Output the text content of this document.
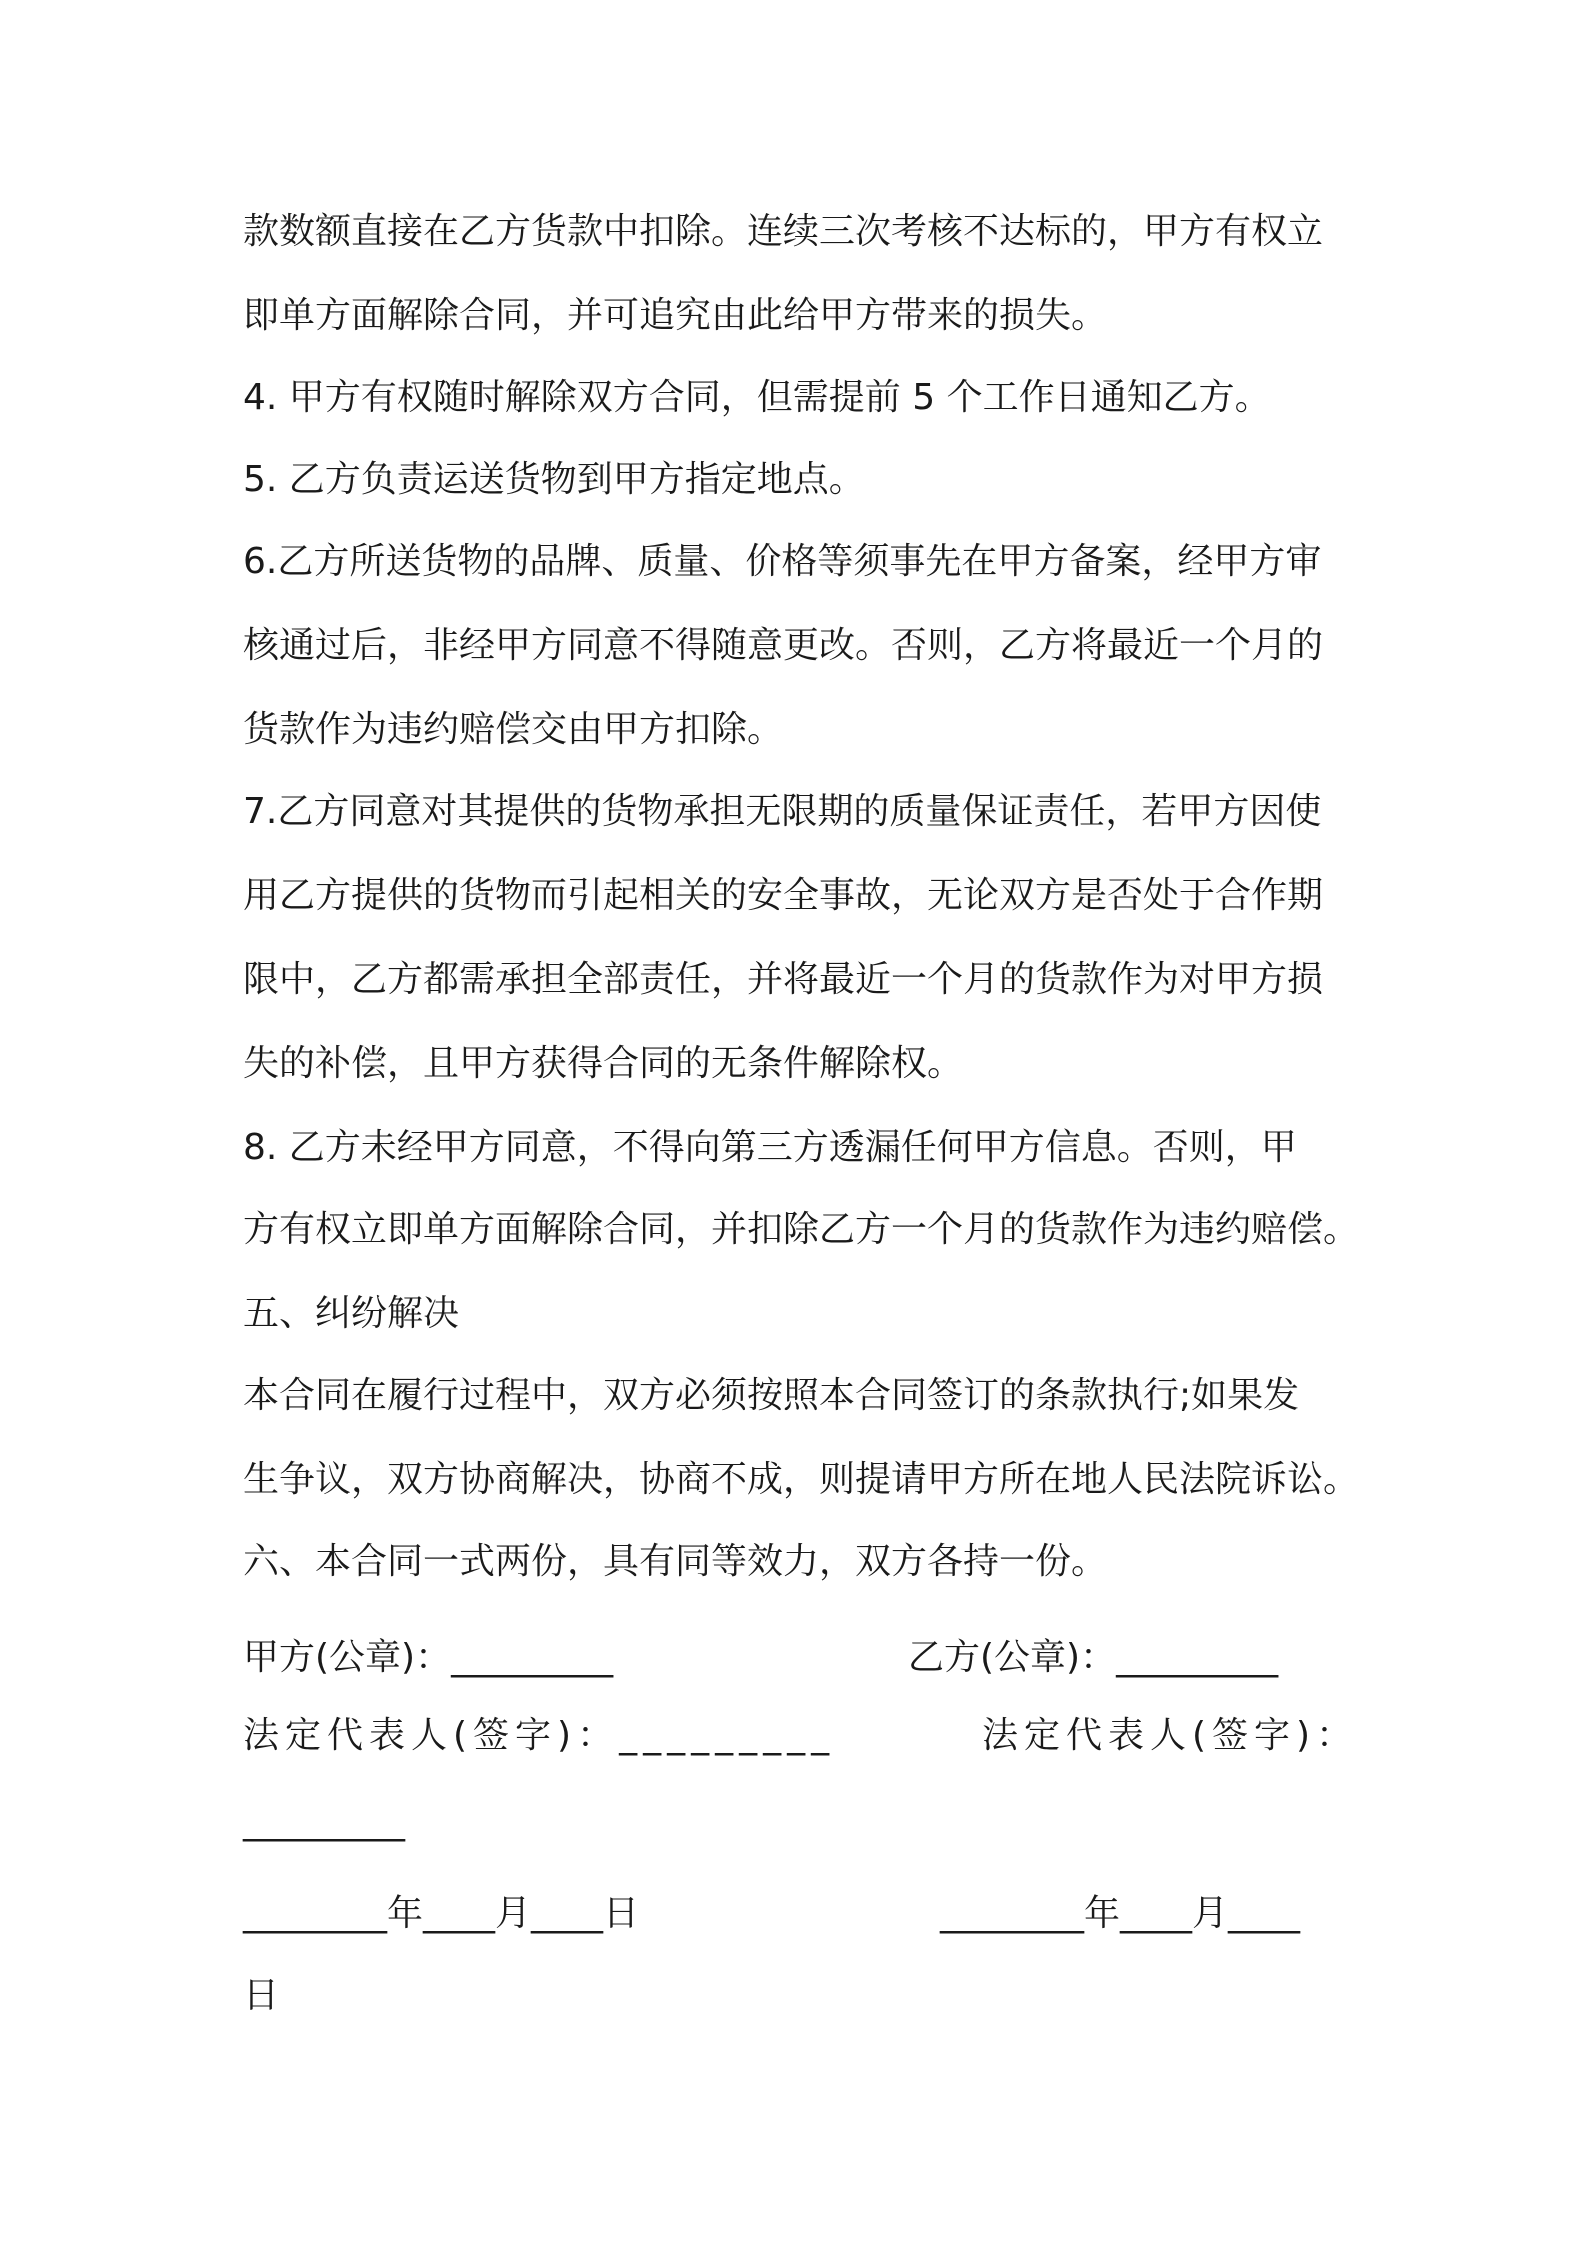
款数额直接在乙方货款中扣除。连续三次考核不达标的，甲方有权立
即单方面解除合同，并可追究由此给甲方带来的损失。
4. 甲方有权随时解除双方合同，但需提前 5 个工作日通知乙方。
5. 乙方负责运送货物到甲方指定地点。
6.乙方所送货物的品牌、质量、价格等须事先在甲方备案，经甲方审
核通过后，非经甲方同意不得随意更改。否则，乙方将最近一个月的
货款作为违约赔偿交由甲方扣除。
7.乙方同意对其提供的货物承担无限期的质量保证责任，若甲方因使
用乙方提供的货物而引起相关的安全事故，无论双方是否处于合作期
限中，乙方都需承担全部责任，并将最近一个月的货款作为对甲方损
失的补偿，且甲方获得合同的无条件解除权。
8. 乙方未经甲方同意，不得向第三方透漏任何甲方信息。否则，甲
方有权立即单方面解除合同，并扣除乙方一个月的货款作为违约赔偿。
五、纠纷解决
本合同在履行过程中，双方必须按照本合同签订的条款执行;如果发
生争议，双方协商解决，协商不成，则提请甲方所在地人民法院诉讼。
六、本合同一式两份，具有同等效力，双方各持一份。
甲方(公章)：_________	乙方(公章)：_________
法定代表人(签字)：_________	法定代表人(签字)：
_________
________年____月____日	________年____月____
日
